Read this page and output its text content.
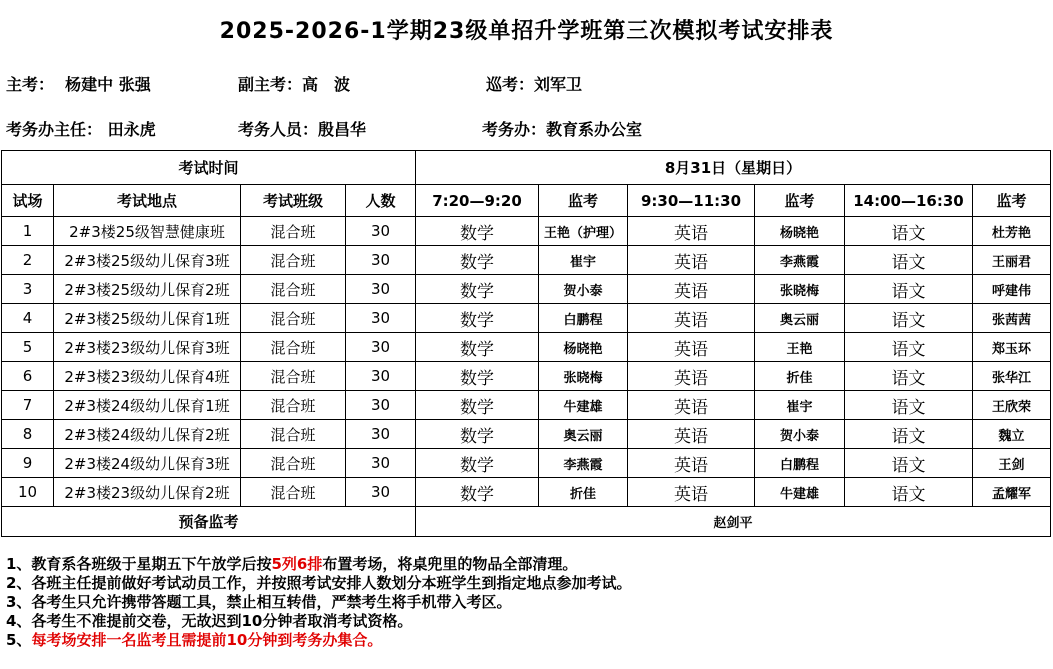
2025-2026-1学期23级单招升学班第三次模拟考试安排表
主考： 杨建中 张强	副主考：高　波	巡考：刘军卫
考务办主任： 田永虎	考务人员：殷昌华	考务办：教育系办公室
考试时间				8月31日（星期日）					
试场	考试地点	考试班级	人数	7:20—9:20	监考	9:30—11:30	监考	14:00—16:30	监考
1	2#3楼25级智慧健康班	混合班	30	数学	王艳（护理）	英语	杨晓艳	语文	杜芳艳
2	2#3楼25级幼儿保育3班	混合班	30	数学	崔宇	英语	李燕霞	语文	王丽君
3	2#3楼25级幼儿保育2班	混合班	30	数学	贺小泰	英语	张晓梅	语文	呼建伟
4	2#3楼25级幼儿保育1班	混合班	30	数学	白鹏程	英语	奥云丽	语文	张茜茜
5	2#3楼23级幼儿保育3班	混合班	30	数学	杨晓艳	英语	王艳	语文	郑玉环
6	2#3楼23级幼儿保育4班	混合班	30	数学	张晓梅	英语	折佳	语文	张华江
7	2#3楼24级幼儿保育1班	混合班	30	数学	牛建雄	英语	崔宇	语文	王欣荣
8	2#3楼24级幼儿保育2班	混合班	30	数学	奥云丽	英语	贺小泰	语文	魏立
9	2#3楼24级幼儿保育3班	混合班	30	数学	李燕霞	英语	白鹏程	语文	王剑
10	2#3楼23级幼儿保育2班	混合班	30	数学	折佳	英语	牛建雄	语文	孟耀军
预备监考				赵剑平					
1、教育系各班级于星期五下午放学后按5列6排布置考场，将桌兜里的物品全部清理。
2、各班主任提前做好考试动员工作，并按照考试安排人数划分本班学生到指定地点参加考试。
3、各考生只允许携带答题工具，禁止相互转借，严禁考生将手机带入考区。
4、各考生不准提前交卷，无故迟到10分钟者取消考试资格。
5、每考场安排一名监考且需提前10分钟到考务办集合。
